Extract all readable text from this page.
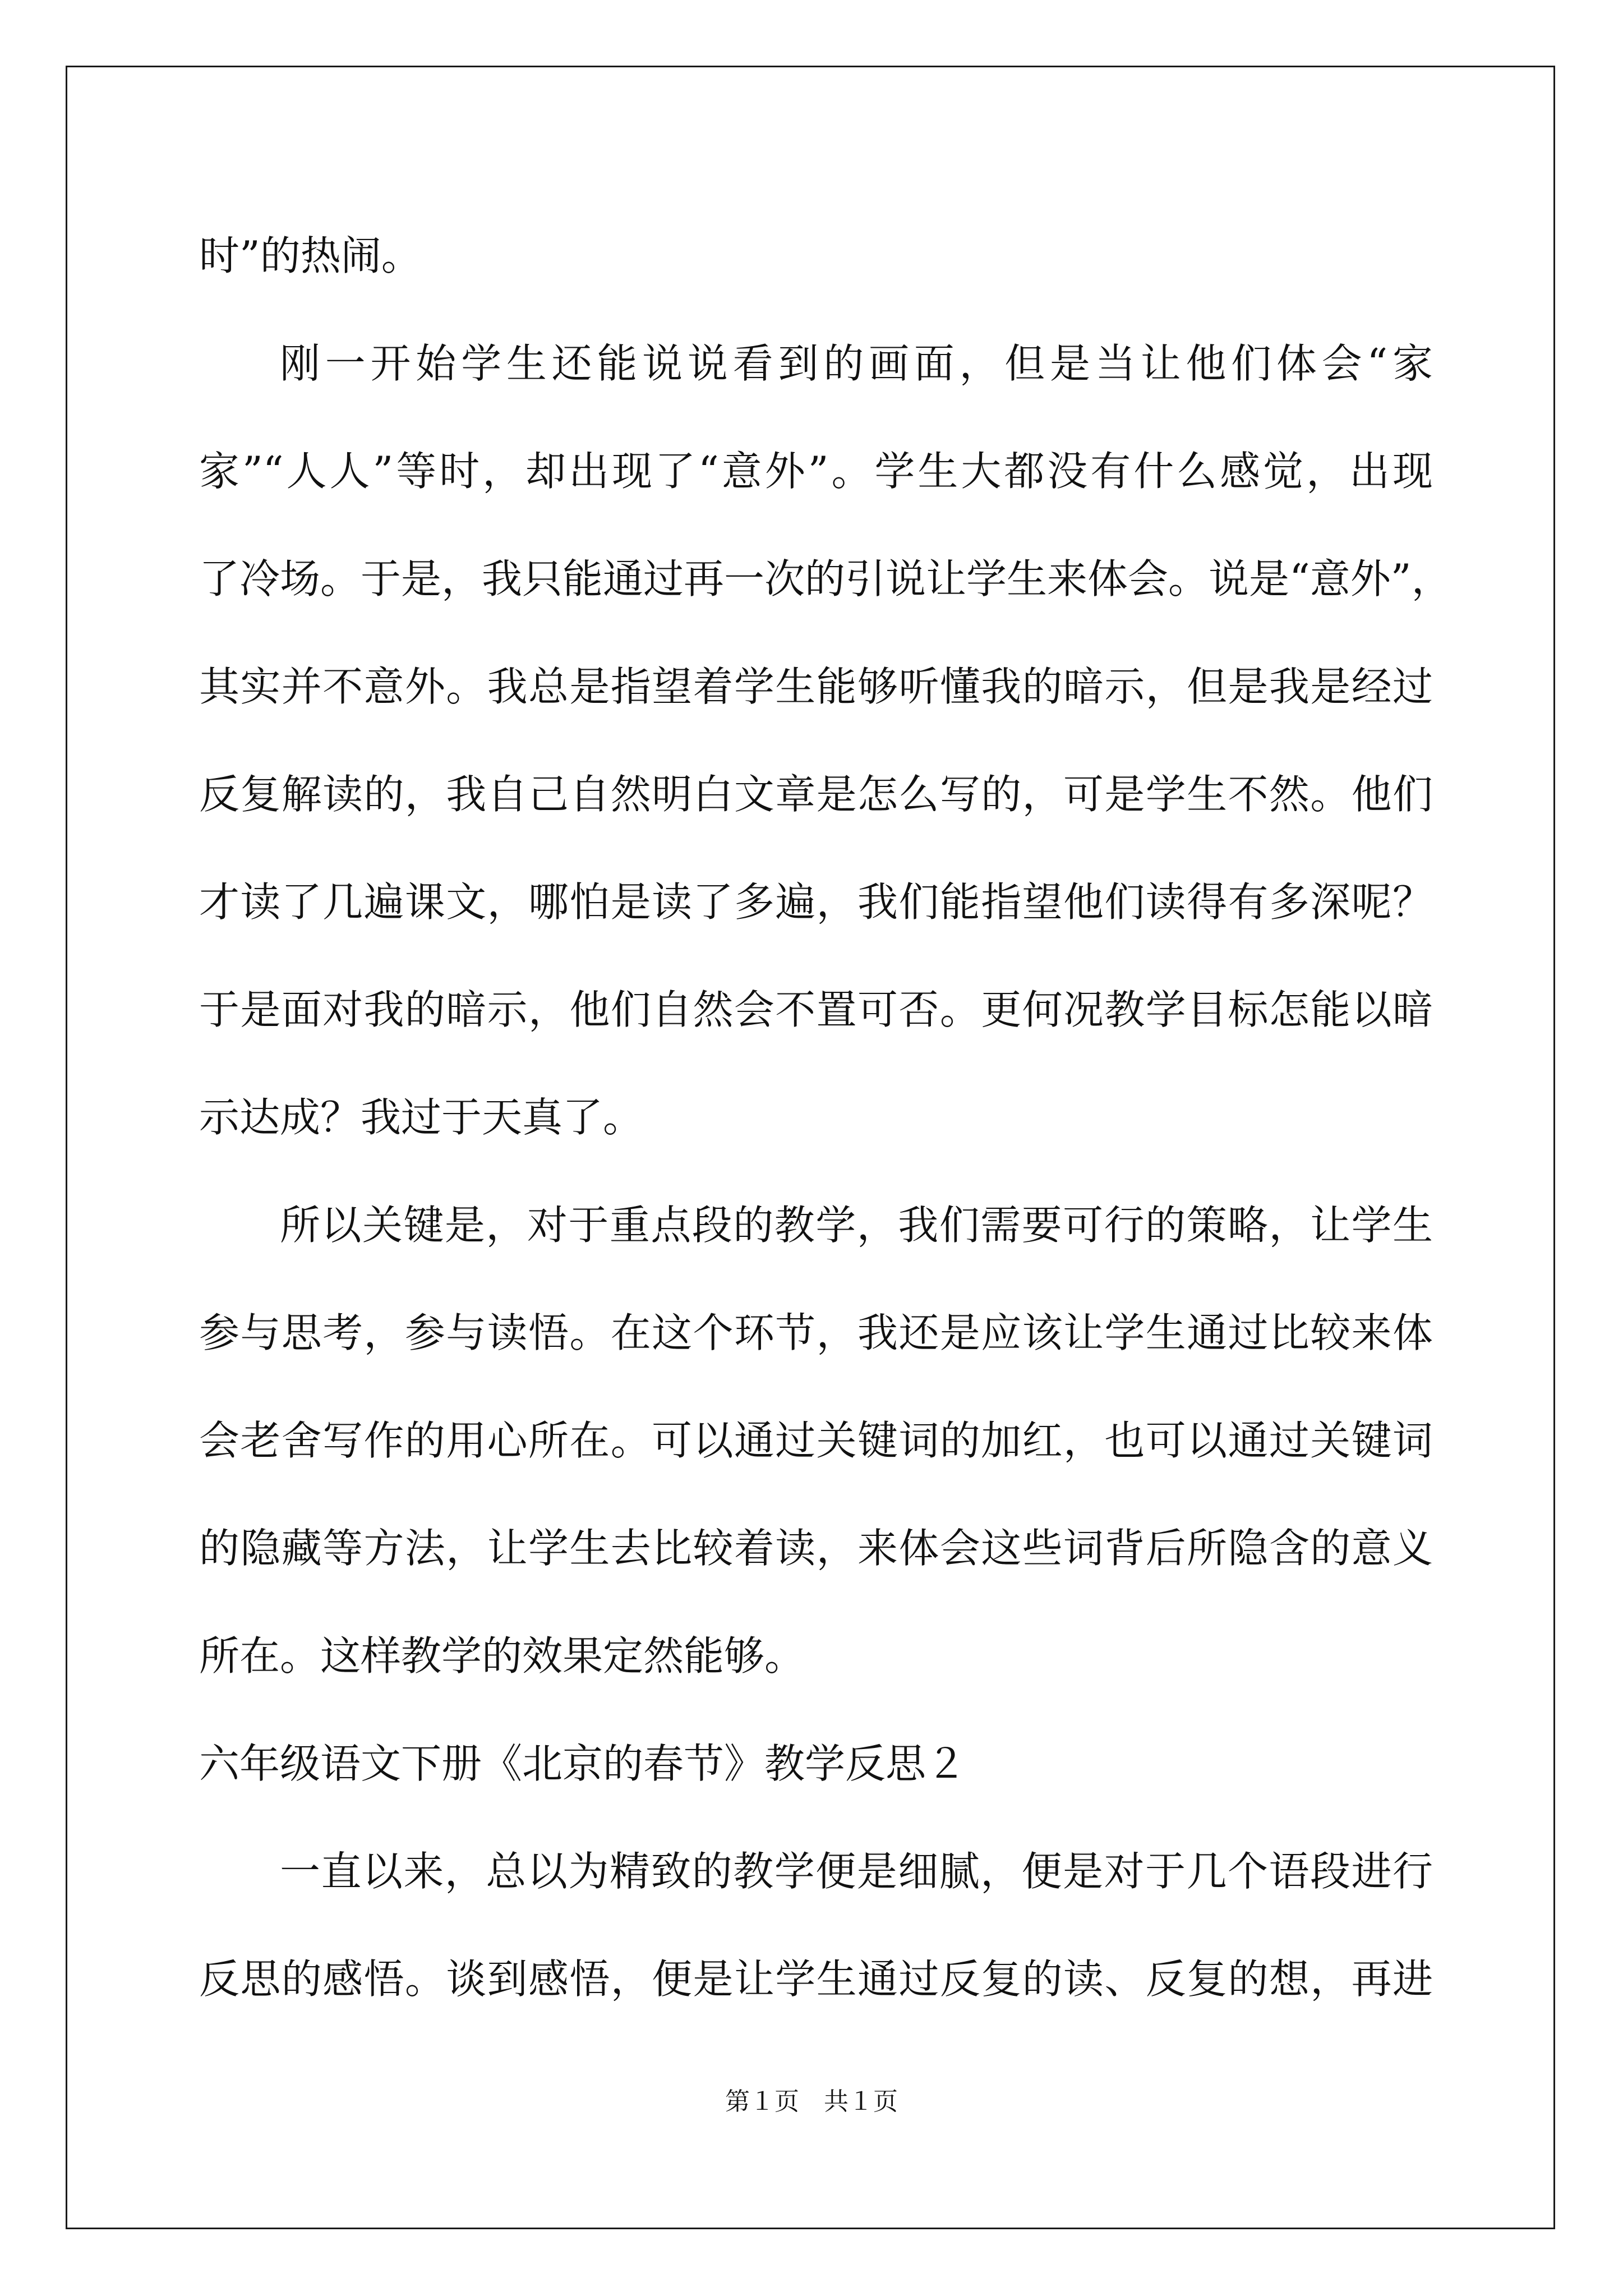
时”的热闹。

刚一开始学生还能说说看到的画面，但是当让他们体会“家
家”“人人”等时，却出现了“意外”。学生大都没有什么感觉，出现
了冷场。于是，我只能通过再一次的引说让学生来体会。说是“意外”，
其实并不意外。我总是指望着学生能够听懂我的暗示，但是我是经过
反复解读的，我自己自然明白文章是怎么写的，可是学生不然。他们
才读了几遍课文，哪怕是读了多遍，我们能指望他们读得有多深呢？
于是面对我的暗示，他们自然会不置可否。更何况教学目标怎能以暗
示达成？我过于天真了。

所以关键是，对于重点段的教学，我们需要可行的策略，让学生
参与思考，参与读悟。在这个环节，我还是应该让学生通过比较来体
会老舍写作的用心所在。可以通过关键词的加红，也可以通过关键词
的隐藏等方法，让学生去比较着读，来体会这些词背后所隐含的意义
所在。这样教学的效果定然能够。

六年级语文下册《北京的春节》教学反思２

一直以来，总以为精致的教学便是细腻，便是对于几个语段进行
反思的感悟。谈到感悟，便是让学生通过反复的读、反复的想，再进

第１页　共１页
